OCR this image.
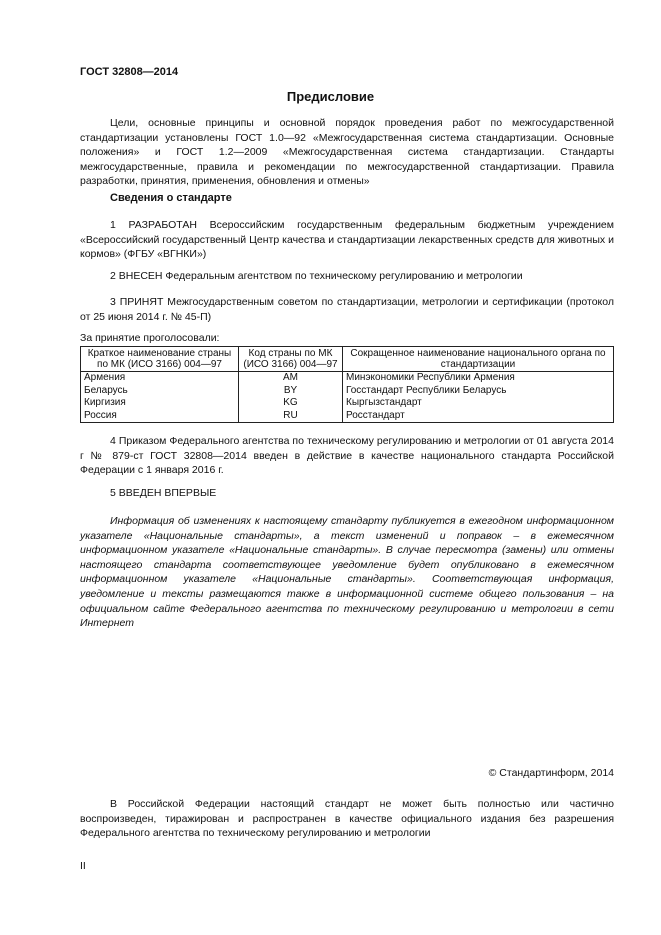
ГОСТ 32808—2014
Предисловие
Цели, основные принципы и основной порядок проведения работ по межгосударственной стандартизации установлены ГОСТ 1.0—92 «Межгосударственная система стандартизации. Основные положения» и ГОСТ 1.2—2009 «Межгосударственная система стандартизации. Стандарты межгосударственные, правила и рекомендации по межгосударственной стандартизации. Правила разработки, принятия, применения, обновления и отмены»
Сведения о стандарте
1 РАЗРАБОТАН Всероссийским государственным федеральным бюджетным учреждением «Всероссийский государственный Центр качества и стандартизации лекарственных средств для животных и кормов» (ФГБУ «ВГНКИ»)
2 ВНЕСЕН Федеральным агентством по техническому регулированию и метрологии
3 ПРИНЯТ Межгосударственным советом по стандартизации, метрологии и сертификации (протокол от 25 июня 2014 г. № 45-П)
За принятие проголосовали:
Краткое наименование страны по МК (ИСО 3166) 004—97	Код страны по МК (ИСО 3166) 004—97	Сокращенное наименование национального органа по стандартизации
Армения	AM	Минэкономики Республики Армения
Беларусь	BY	Госстандарт Республики Беларусь
Киргизия	KG	Кыргызстандарт
Россия	RU	Росстандарт
4 Приказом Федерального агентства по техническому регулированию и метрологии от 01 августа 2014 г № 879-ст ГОСТ 32808—2014 введен в действие в качестве национального стандарта Российской Федерации с 1 января 2016 г.
5 ВВЕДЕН ВПЕРВЫЕ
Информация об изменениях к настоящему стандарту публикуется в ежегодном информационном указателе «Национальные стандарты», а текст изменений и поправок – в ежемесячном информационном указателе «Национальные стандарты». В случае пересмотра (замены) или отмены настоящего стандарта соответствующее уведомление будет опубликовано в ежемесячном информационном указателе «Национальные стандарты». Соответствующая информация, уведомление и тексты размещаются также в информационной системе общего пользования – на официальном сайте Федерального агентства по техническому регулированию и метрологии в сети Интернет
© Стандартинформ, 2014
В Российской Федерации настоящий стандарт не может быть полностью или частично воспроизведен, тиражирован и распространен в качестве официального издания без разрешения Федерального агентства по техническому регулированию и метрологии
II
